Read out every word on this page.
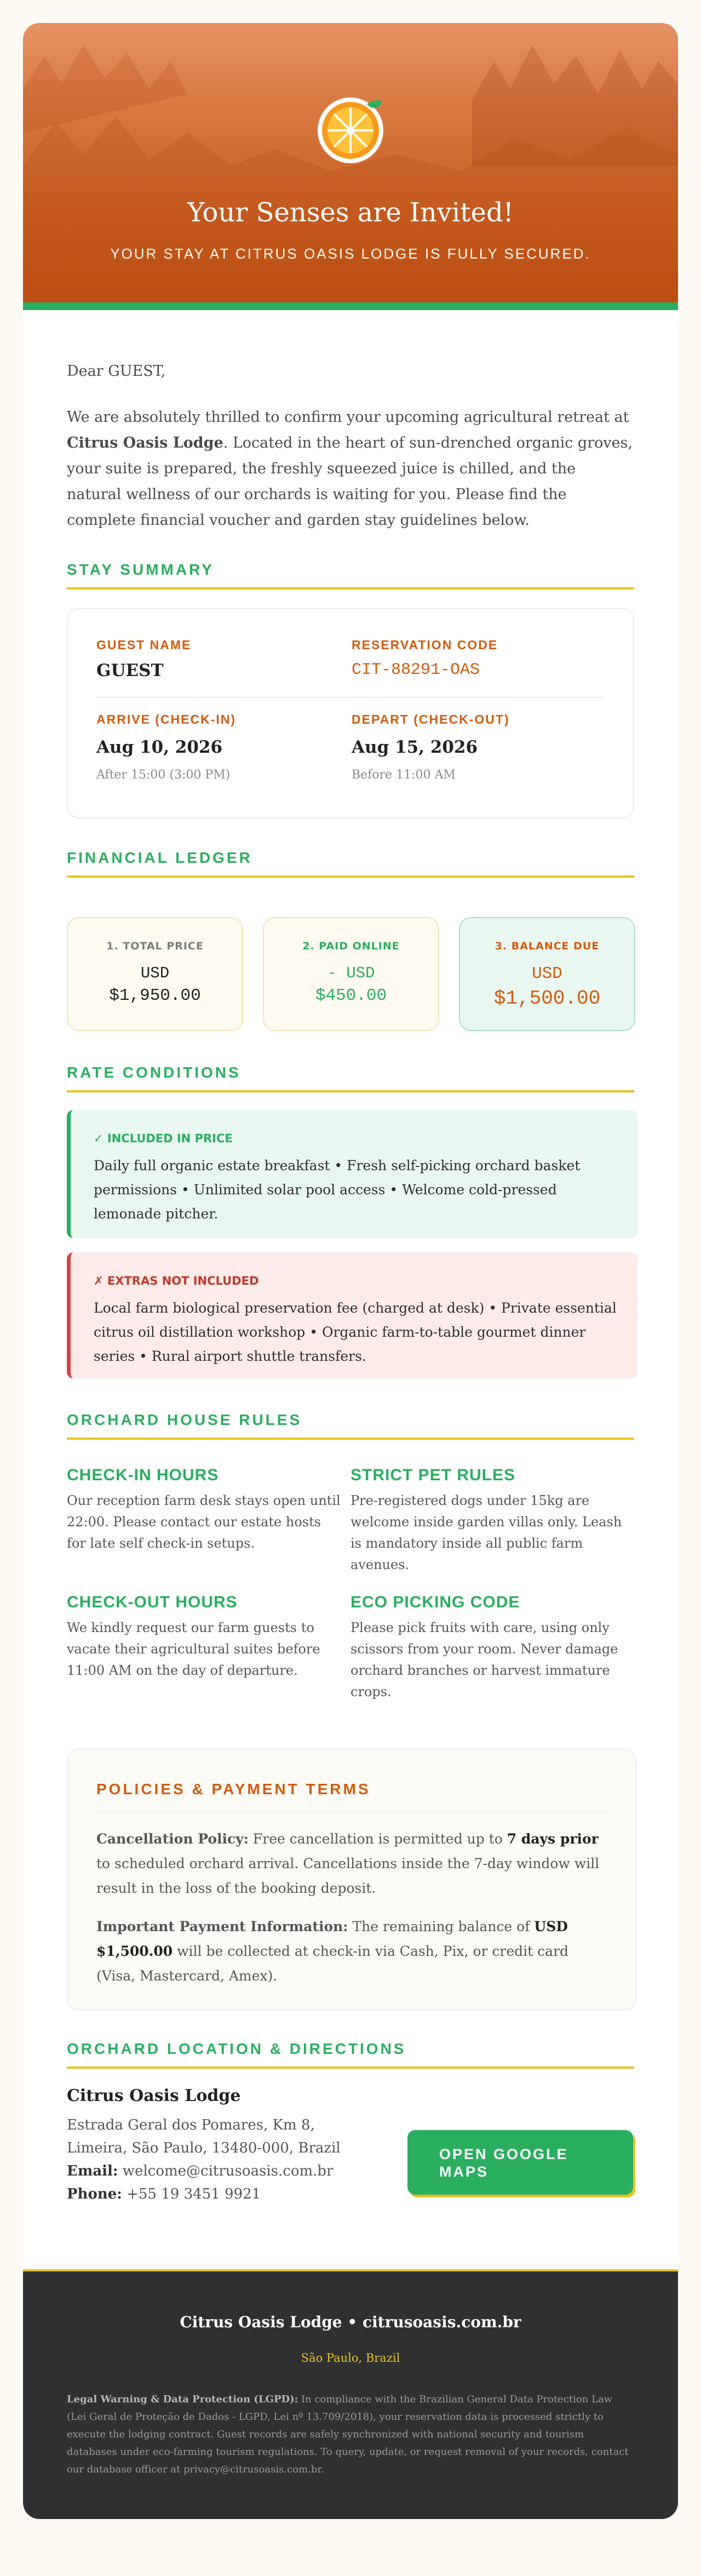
Your Senses are Invited!
YOUR STAY AT CITRUS OASIS LODGE IS FULLY SECURED.
Dear GUEST,
We are absolutely thrilled to confirm your upcoming agricultural retreat at Citrus Oasis Lodge. Located in the heart of sun-drenched organic groves, your suite is prepared, the freshly squeezed juice is chilled, and the natural wellness of our orchards is waiting for you. Please find the complete financial voucher and garden stay guidelines below.
STAY SUMMARY
GUEST NAME
GUEST
RESERVATION CODE
CIT-88291-OAS
ARRIVE (CHECK-IN)
Aug 10, 2026
After 15:00 (3:00 PM)
DEPART (CHECK-OUT)
Aug 15, 2026
Before 11:00 AM
FINANCIAL LEDGER
1. TOTAL PRICE
USD
$1,950.00
2. PAID ONLINE
- USD
$450.00
3. BALANCE DUE
USD
$1,500.00
RATE CONDITIONS
✓ INCLUDED IN PRICE
Daily full organic estate breakfast • Fresh self-picking orchard basket permissions • Unlimited solar pool access • Welcome cold-pressed lemonade pitcher.
✗ EXTRAS NOT INCLUDED
Local farm biological preservation fee (charged at desk) • Private essential citrus oil distillation workshop • Organic farm-to-table gourmet dinner series • Rural airport shuttle transfers.
ORCHARD HOUSE RULES
CHECK-IN HOURS
Our reception farm desk stays open until 22:00. Please contact our estate hosts for late self check-in setups.
STRICT PET RULES
Pre-registered dogs under 15kg are welcome inside garden villas only. Leash is mandatory inside all public farm avenues.
CHECK-OUT HOURS
We kindly request our farm guests to vacate their agricultural suites before 11:00 AM on the day of departure.
ECO PICKING CODE
Please pick fruits with care, using only scissors from your room. Never damage orchard branches or harvest immature crops.
POLICIES & PAYMENT TERMS
Cancellation Policy: Free cancellation is permitted up to 7 days prior to scheduled orchard arrival. Cancellations inside the 7-day window will result in the loss of the booking deposit.
Important Payment Information: The remaining balance of USD $1,500.00 will be collected at check-in via Cash, Pix, or credit card (Visa, Mastercard, Amex).
ORCHARD LOCATION & DIRECTIONS
Citrus Oasis Lodge
Estrada Geral dos Pomares, Km 8, Limeira, São Paulo, 13480-000, Brazil
Email: welcome@citrusoasis.com.br
Phone: +55 19 3451 9921
OPEN GOOGLE MAPS
Citrus Oasis Lodge • citrusoasis.com.br
São Paulo, Brazil
Legal Warning & Data Protection (LGPD): In compliance with the Brazilian General Data Protection Law (Lei Geral de Proteção de Dados - LGPD, Lei nº 13.709/2018), your reservation data is processed strictly to execute the lodging contract. Guest records are safely synchronized with national security and tourism databases under eco-farming tourism regulations. To query, update, or request removal of your records, contact our database officer at privacy@citrusoasis.com.br.
